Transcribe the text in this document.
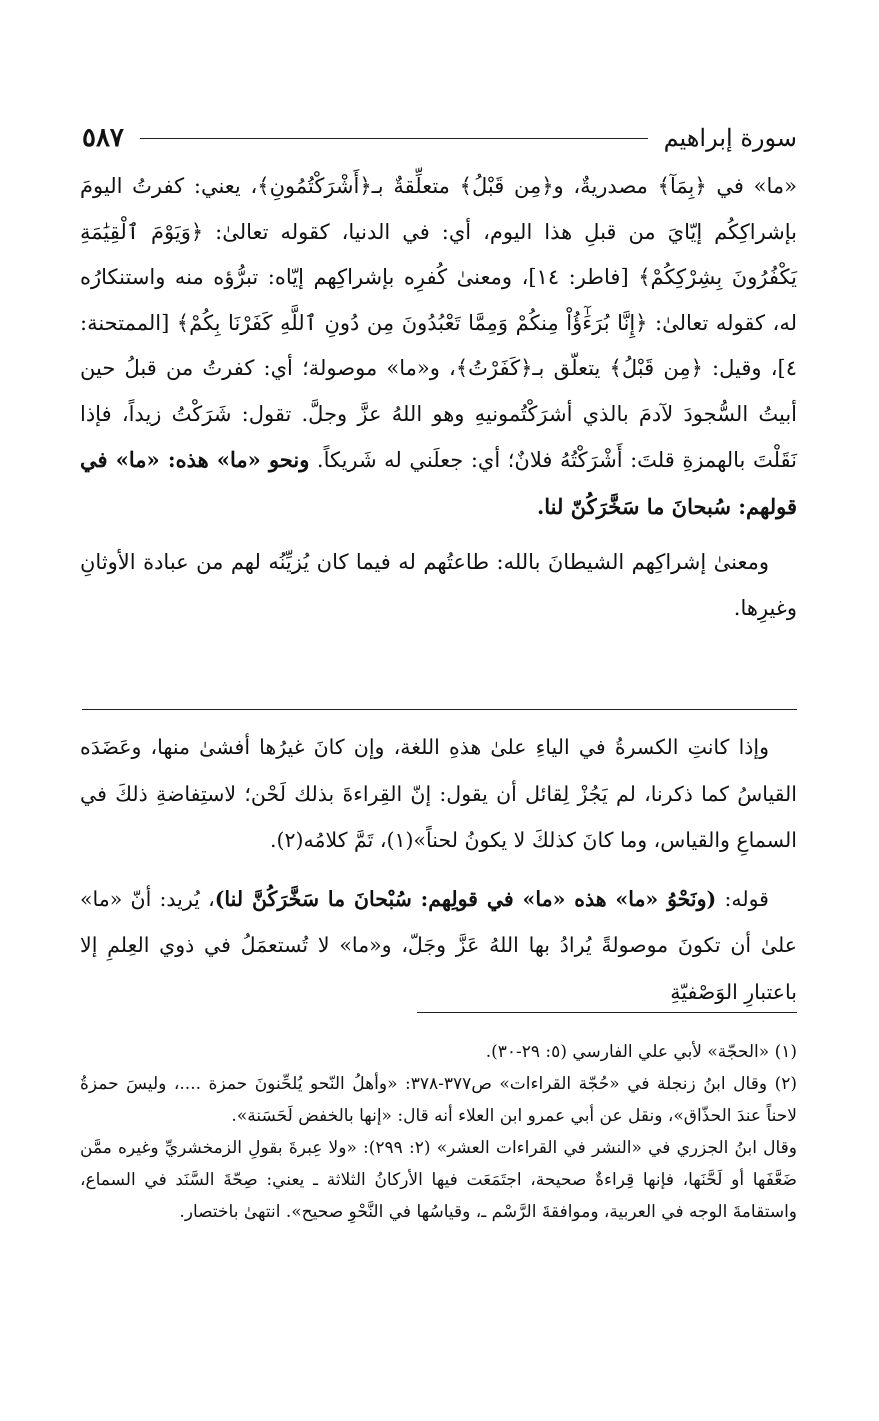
سورة إبراهيم
٥٨٧

«ما» في ﴿بِمَآ﴾ مصدريةٌ، و﴿مِن قَبْلُ﴾ متعلِّقةٌ بـ﴿أَشْرَكْتُمُونِ﴾، يعني: كفرتُ اليومَ بإشراكِكُم إيّايَ من قبلِ هذا اليوم، أي: في الدنيا، كقوله تعالىٰ: ﴿وَيَوْمَ ٱلْقِيَٰمَةِ يَكْفُرُونَ بِشِرْكِكُمْ﴾ [فاطر: ١٤]، ومعنىٰ كُفرِه بإشراكِهم إيّاه: تبرُّؤه منه واستنكارُه له، كقوله تعالىٰ: ﴿إِنَّا بُرَءَٰٓؤُاْ مِنكُمْ وَمِمَّا تَعْبُدُونَ مِن دُونِ ٱللَّهِ كَفَرْنَا بِكُمْ﴾ [الممتحنة: ٤]، وقيل: ﴿مِن قَبْلُ﴾ يتعلّق بـ﴿كَفَرْتُ﴾، و«ما» موصولة؛ أي: كفرتُ من قبلُ حين أبيتُ السُّجودَ لآدمَ بالذي أشرَكْتُمونيهِ وهو اللهُ عزَّ وجلَّ. تقول: شَرَكْتُ زيداً، فإذا نَقَلْتَ بالهمزةِ قلتَ: أَشْرَكْتُهُ فلانٌ؛ أي: جعلَني له شَريكاً. ونحو «ما» هذه: «ما» في قولهم: سُبحانَ ما سَخَّرَكُنّ لنا.

ومعنىٰ إشراكِهم الشيطانَ بالله: طاعتُهم له فيما كان يُزيِّنُه لهم من عبادة الأوثانِ وغيرِها.

وإذا كانتِ الكسرةُ في الياءِ علىٰ هذهِ اللغة، وإن كانَ غيرُها أفشىٰ منها، وعَضَدَه القياسُ كما ذكرنا، لم يَجُزْ لِقائل أن يقول: إنّ القِراءةَ بذلك لَحْن؛ لاستِفاضةِ ذلكَ في السماعِ والقياس، وما كانَ كذلكَ لا يكونُ لحناً»(١)، تَمَّ كلامُه(٢).

قوله: (ونَحْوُ «ما» هذه «ما» في قولِهم: سُبْحانَ ما سَخَّرَكُنَّ لنا)، يُريد: أنّ «ما» علىٰ أن تكونَ موصولةً يُرادُ بها اللهُ عَزَّ وجَلّ، و«ما» لا تُستعمَلُ في ذوي العِلمِ إلا باعتبارِ الوَصْفيّةِ

(١) «الحجّة» لأبي علي الفارسي (٥: ٢٩-٣٠).

(٢) وقال ابنُ زنجلة في «حُجّة القراءات» ص٣٧٧-٣٧٨: «وأهلُ النّحو يُلحِّنونَ حمزة ....، وليسَ حمزةُ لاحناً عندَ الحذّاق»، ونقل عن أبي عمرو ابن العلاء أنه قال: «إنها بالخفض لَحَسَنة».

وقال ابنُ الجزري في «النشر في القراءات العشر» (٢: ٢٩٩): «ولا عِبرةَ بقولِ الزمخشريِّ وغيره ممَّن ضَعَّفَها أو لَحَّنَها، فإنها قِراءةٌ صحيحة، اجتَمَعَت فيها الأركانُ الثلاثة ـ يعني: صِحّةَ السَّنَد في السماع، واستقامةَ الوجه في العربية، وموافقةَ الرَّسْم ـ، وقياسُها في النَّحْوِ صحيح». انتهىٰ باختصار.
